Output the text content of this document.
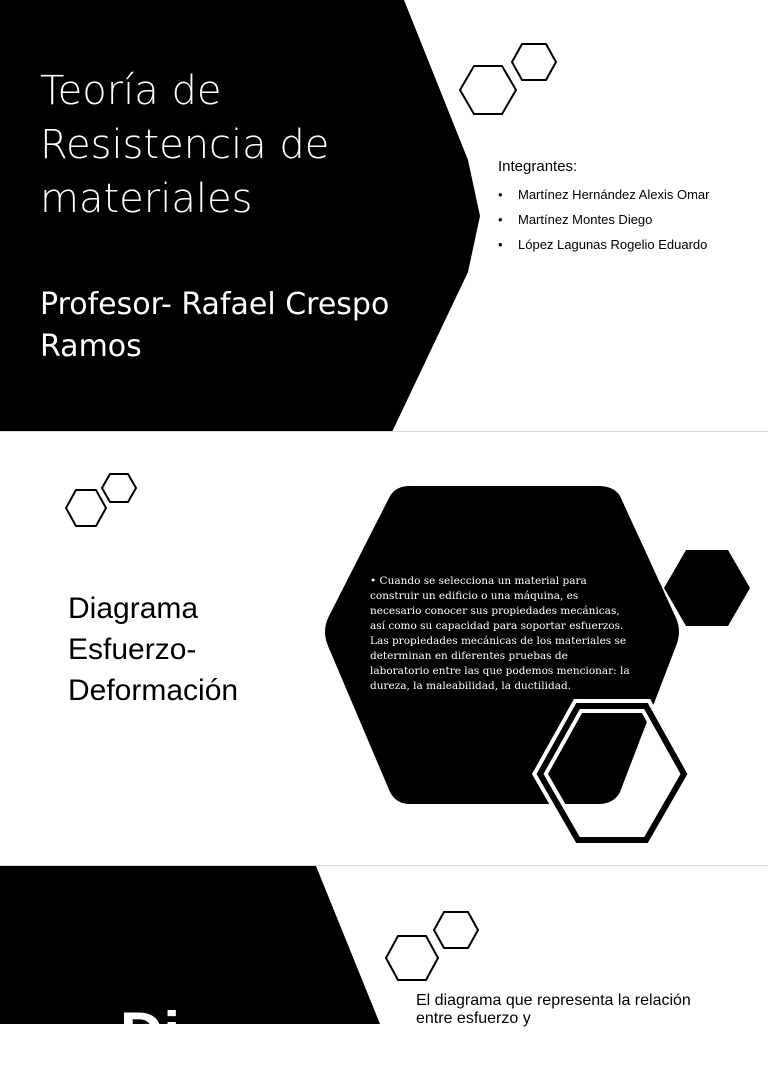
Teoría de Resistencia de materiales
Profesor- Rafael Crespo Ramos
Integrantes:
• Martínez Hernández Alexis Omar
• Martínez Montes Diego
• López Lagunas Rogelio Eduardo
Diagrama Esfuerzo-Deformación
• Cuando se selecciona un material para construir un edificio o una máquina, es necesario conocer sus propiedades mecánicas, así como su capacidad para soportar esfuerzos. Las propiedades mecánicas de los materiales se determinan en diferentes pruebas de laboratorio entre las que podemos mencionar: la dureza, la maleabilidad, la ductilidad.
Di	El diagrama que representa la relación entre esfuerzo y
